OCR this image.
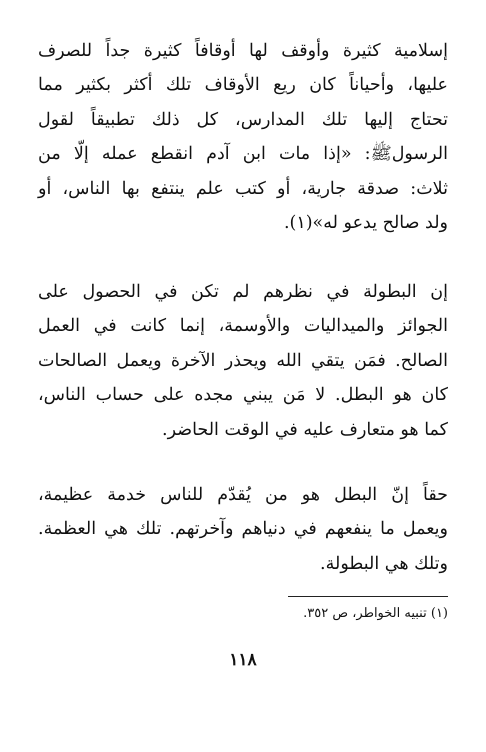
إسلامية كثيرة وأوقف لها أوقافاً كثيرة جداً للصرف
عليها، وأحياناً كان ريع الأوقاف تلك أكثر بكثير مما
تحتاج إليها تلك المدارس، كل ذلك تطبيقاً لقول
الرسولﷺ: «إذا مات ابن آدم انقطع عمله إلّا من
ثلاث: صدقة جارية، أو كتب علم ينتفع بها الناس، أو
ولد صالح يدعو له»(١).
إن البطولة في نظرهم لم تكن في الحصول على
الجوائز والميداليات والأوسمة، إنما كانت في العمل
الصالح. فمَن يتقي الله ويحذر الآخرة ويعمل الصالحات
كان هو البطل. لا مَن يبني مجده على حساب الناس،
كما هو متعارف عليه في الوقت الحاضر.
حقاً إنّ البطل هو من يُقدّم للناس خدمة عظيمة،
ويعمل ما ينفعهم في دنياهم وآخرتهم. تلك هي العظمة.
وتلك هي البطولة.
(١) تنبيه الخواطر، ص ٣٥٢.
١١٨
